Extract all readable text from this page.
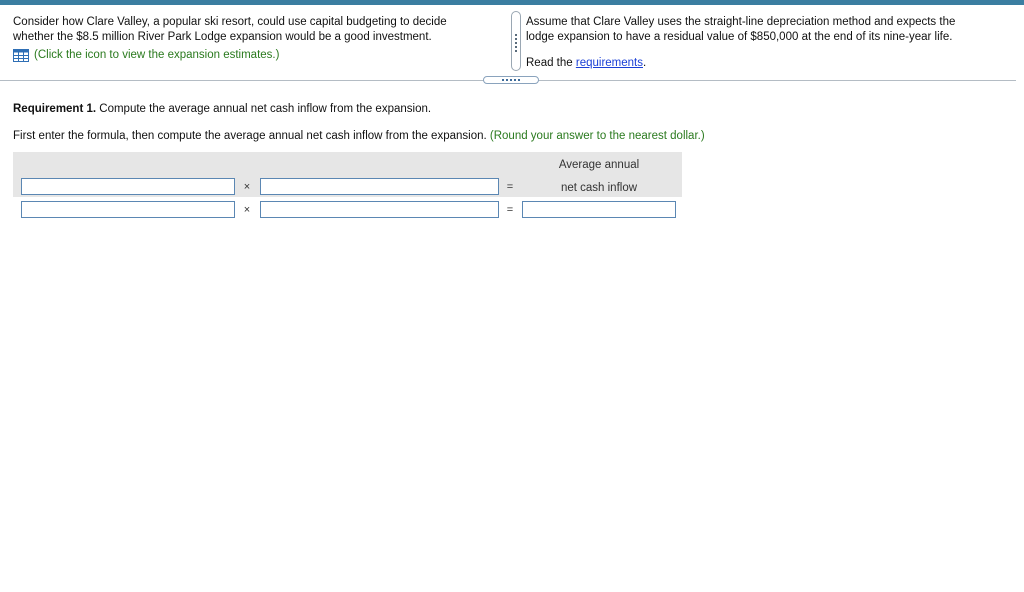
Consider how Clare Valley, a popular ski resort, could use capital budgeting to decide
whether the $8.5 million River Park Lodge expansion would be a good investment.
(Click the icon to view the expansion estimates.)
Assume that Clare Valley uses the straight-line depreciation method and expects the
lodge expansion to have a residual value of $850,000 at the end of its nine-year life.
Read the requirements.
Requirement 1. Compute the average annual net cash inflow from the expansion.
First enter the formula, then compute the average annual net cash inflow from the expansion. (Round your answer to the nearest dollar.)
Average annual
net cash inflow
×	=
×	=
